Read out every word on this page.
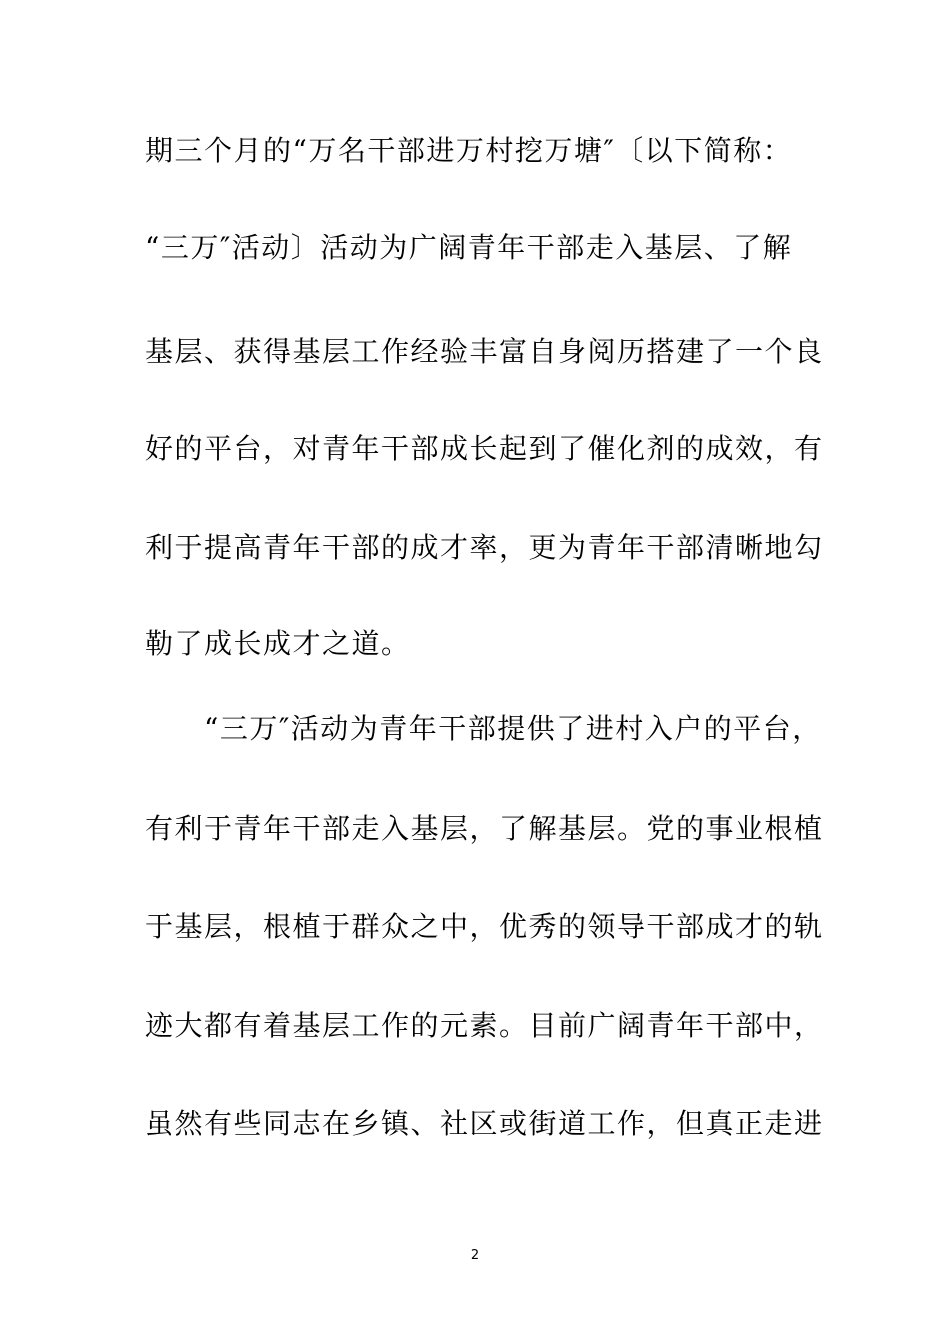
期三个月的“万名干部进万村挖万塘″〔以下简称：
“三万″活动〕活动为广阔青年干部走入基层、了解
基层、获得基层工作经验丰富自身阅历搭建了一个良
好的平台，对青年干部成长起到了催化剂的成效，有
利于提高青年干部的成才率，更为青年干部清晰地勾
勒了成长成才之道。
　　“三万″活动为青年干部提供了进村入户的平台，
有利于青年干部走入基层，了解基层。党的事业根植
于基层，根植于群众之中，优秀的领导干部成才的轨
迹大都有着基层工作的元素。目前广阔青年干部中，
虽然有些同志在乡镇、社区或街道工作，但真正走进
2
